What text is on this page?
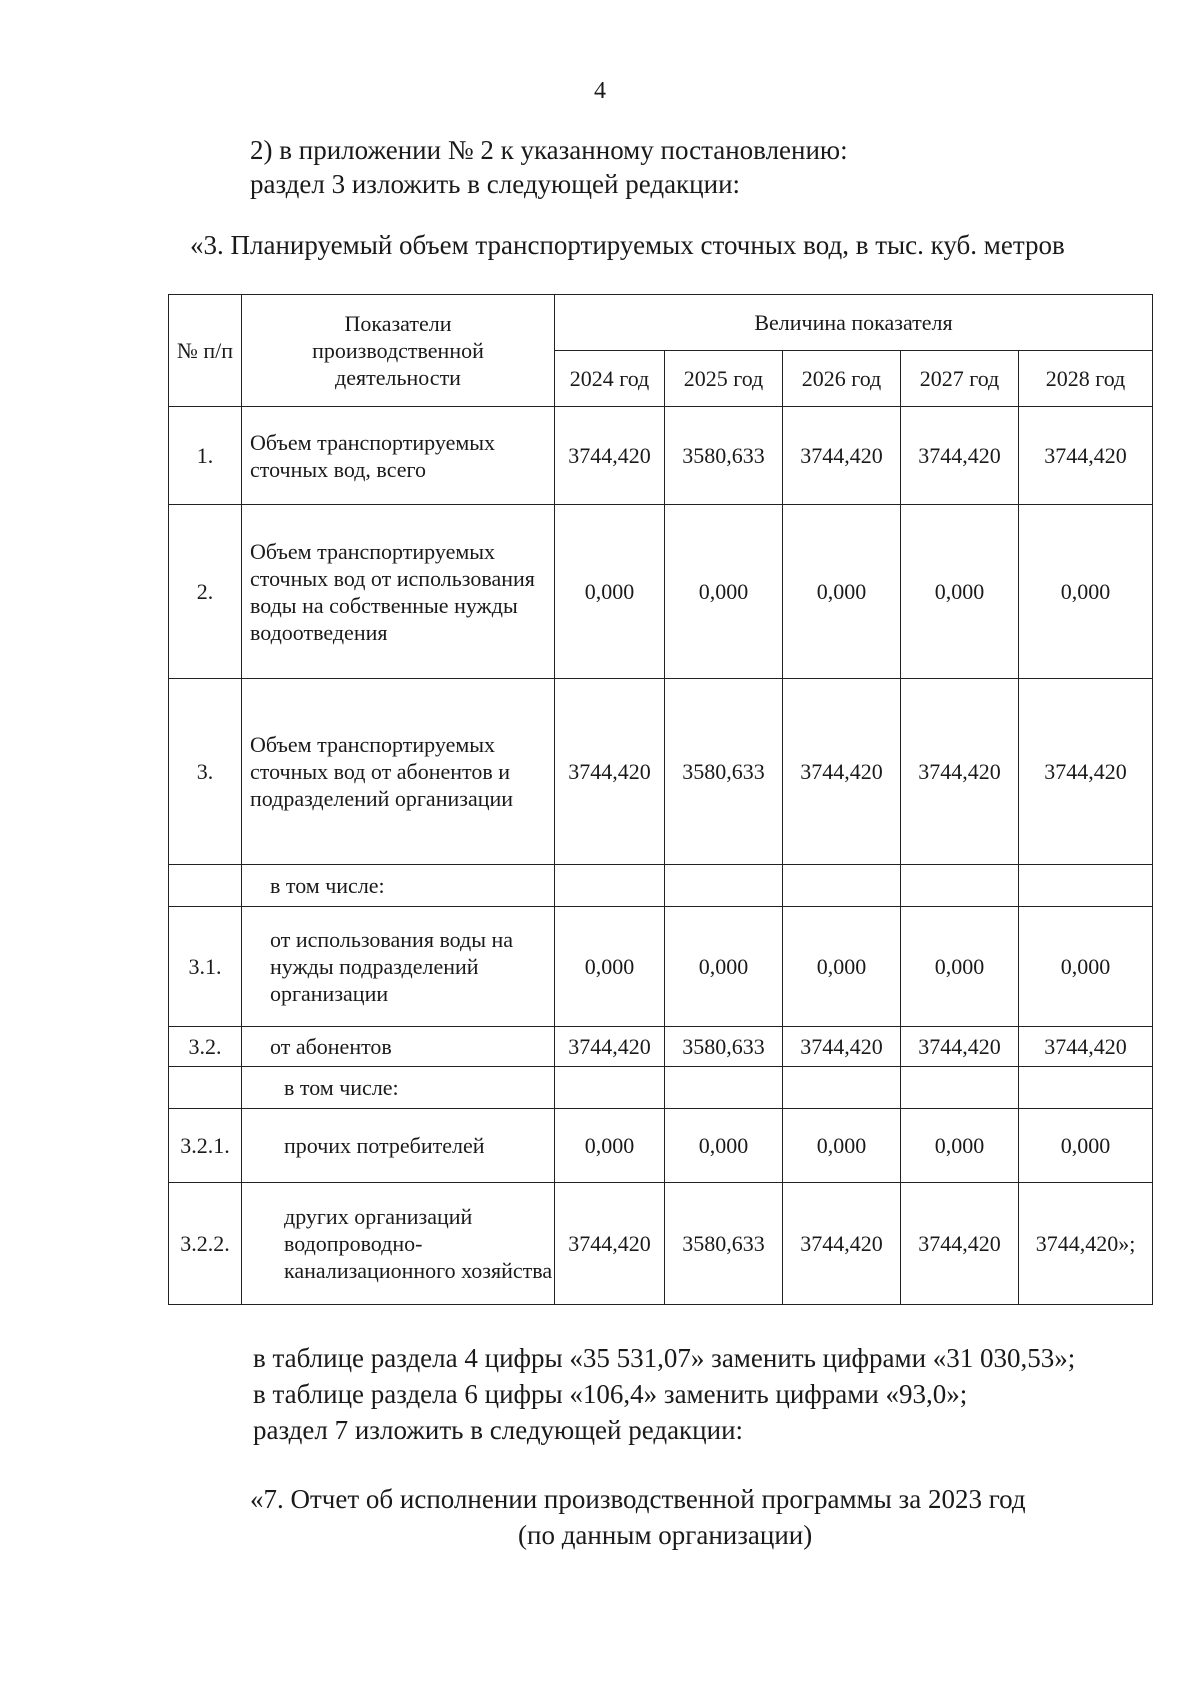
4
2) в приложении № 2 к указанному постановлению:
раздел 3 изложить в следующей редакции:
«3. Планируемый объем транспортируемых сточных вод, в тыс. куб. метров
№ п/п	Показатели производственной деятельности	Величина показателя				
		2024 год	2025 год	2026 год	2027 год	2028 год
1.	Объем транспортируемых сточных вод, всего	3744,420	3580,633	3744,420	3744,420	3744,420
2.	Объем транспортируемых сточных вод от использования воды на собственные нужды водоотведения	0,000	0,000	0,000	0,000	0,000
3.	Объем транспортируемых сточных вод от абонентов и подразделений организации	3744,420	3580,633	3744,420	3744,420	3744,420
	в том числе:					
3.1.	от использования воды на нужды подразделений организации	0,000	0,000	0,000	0,000	0,000
3.2.	от абонентов	3744,420	3580,633	3744,420	3744,420	3744,420
	в том числе:					
3.2.1.	прочих потребителей	0,000	0,000	0,000	0,000	0,000
3.2.2.	других организаций водопроводно-канализационного хозяйства	3744,420	3580,633	3744,420	3744,420	3744,420»;
в таблице раздела 4 цифры «35 531,07» заменить цифрами «31 030,53»;
в таблице раздела 6 цифры «106,4» заменить цифрами «93,0»;
раздел 7 изложить в следующей редакции:
«7. Отчет об исполнении производственной программы за 2023 год
(по данным организации)
